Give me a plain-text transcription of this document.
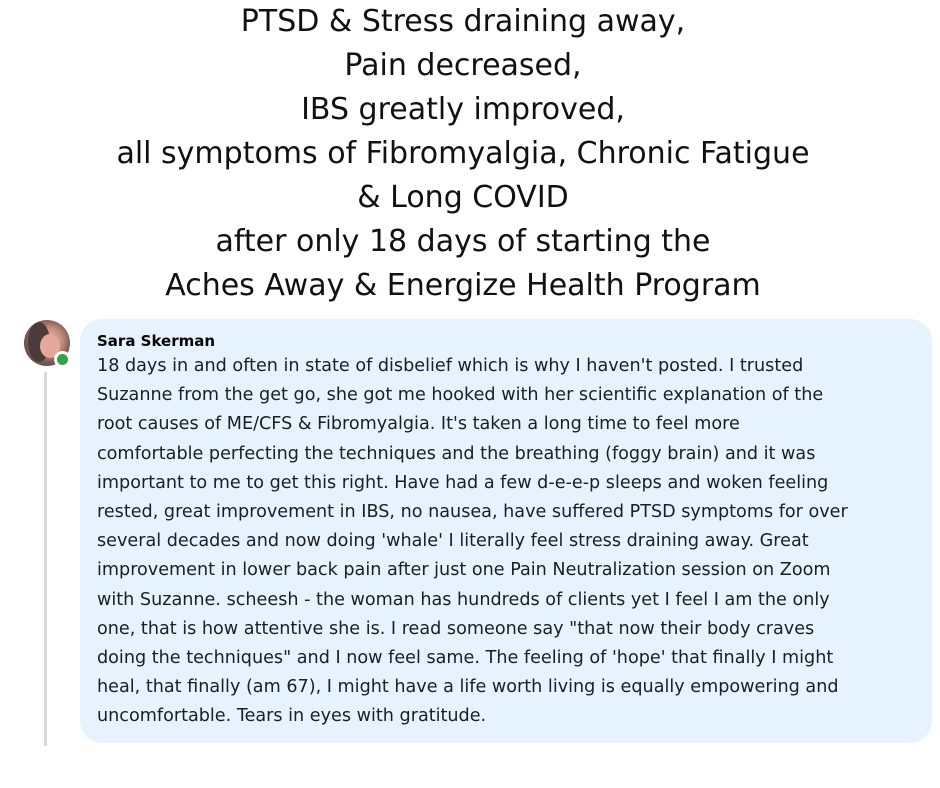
PTSD & Stress draining away,
Pain decreased,
IBS greatly improved,
all symptoms of Fibromyalgia, Chronic Fatigue
& Long COVID
after only 18 days of starting the
Aches Away & Energize Health Program
Sara Skerman
18 days in and often in state of disbelief which is why I haven't posted. I trusted
Suzanne from the get go, she got me hooked with her scientific explanation of the
root causes of ME/CFS & Fibromyalgia. It's taken a long time to feel more
comfortable perfecting the techniques and the breathing (foggy brain) and it was
important to me to get this right. Have had a few d-e-e-p sleeps and woken feeling
rested, great improvement in IBS, no nausea, have suffered PTSD symptoms for over
several decades and now doing 'whale' I literally feel stress draining away. Great
improvement in lower back pain after just one Pain Neutralization session on Zoom
with Suzanne. scheesh - the woman has hundreds of clients yet I feel I am the only
one, that is how attentive she is. I read someone say "that now their body craves
doing the techniques" and I now feel same. The feeling of 'hope' that finally I might
heal, that finally (am 67), I might have a life worth living is equally empowering and
uncomfortable. Tears in eyes with gratitude.
